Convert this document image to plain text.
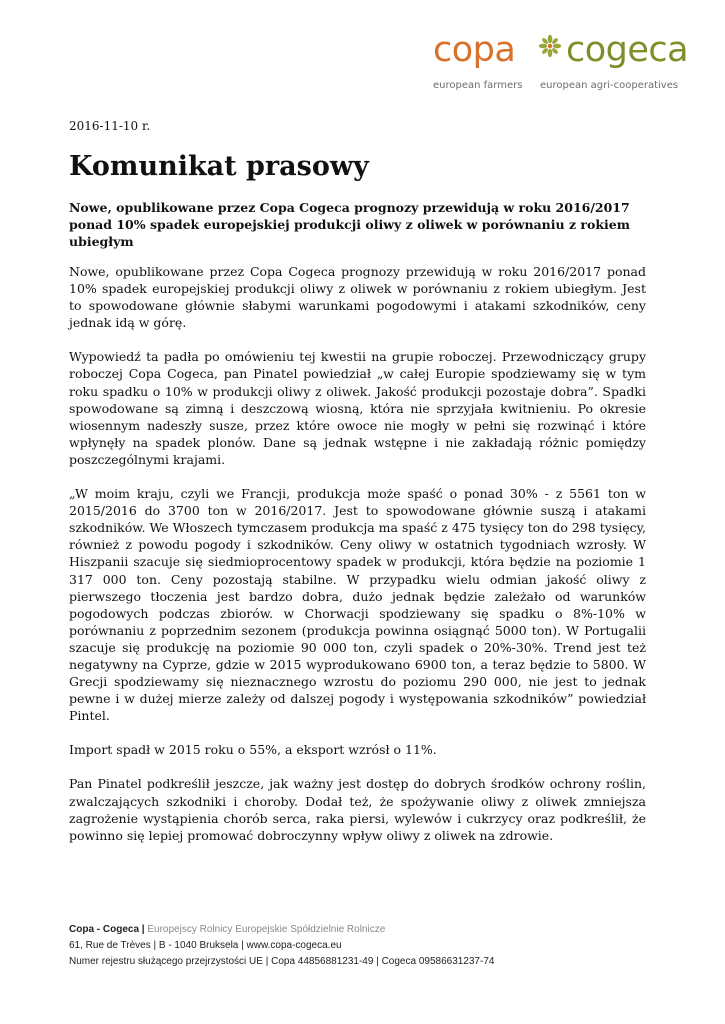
copa cogeca
european farmers european agri-cooperatives
2016-11-10 r.
Komunikat prasowy

Nowe, opublikowane przez Copa Cogeca prognozy przewidują w roku 2016/2017 ponad 10% spadek europejskiej produkcji oliwy z oliwek w porównaniu z rokiem ubiegłym

Nowe, opublikowane przez Copa Cogeca prognozy przewidują w roku 2016/2017 ponad 10% spadek europejskiej produkcji oliwy z oliwek w porównaniu z rokiem ubiegłym. Jest to spowodowane głównie słabymi warunkami pogodowymi i atakami szkodników, ceny jednak idą w górę.

Wypowiedź ta padła po omówieniu tej kwestii na grupie roboczej. Przewodniczący grupy roboczej Copa Cogeca, pan Pinatel powiedział „w całej Europie spodziewamy się w tym roku spadku o 10% w produkcji oliwy z oliwek. Jakość produkcji pozostaje dobra”. Spadki spowodowane są zimną i deszczową wiosną, która nie sprzyjała kwitnieniu. Po okresie wiosennym nadeszły susze, przez które owoce nie mogły w pełni się rozwinąć i które wpłynęły na spadek plonów. Dane są jednak wstępne i nie zakładają różnic pomiędzy poszczególnymi krajami.

„W moim kraju, czyli we Francji, produkcja może spaść o ponad 30% - z 5561 ton w 2015/2016 do 3700 ton w 2016/2017. Jest to spowodowane głównie suszą i atakami szkodników. We Włoszech tymczasem produkcja ma spaść z 475 tysięcy ton do 298 tysięcy, również z powodu pogody i szkodników. Ceny oliwy w ostatnich tygodniach wzrosły. W Hiszpanii szacuje się siedmioprocentowy spadek w produkcji, która będzie na poziomie 1 317 000 ton. Ceny pozostają stabilne. W przypadku wielu odmian jakość oliwy z pierwszego tłoczenia jest bardzo dobra, dużo jednak będzie zależało od warunków pogodowych podczas zbiorów. w Chorwacji spodziewany się spadku o 8%-10% w porównaniu z poprzednim sezonem (produkcja powinna osiągnąć 5000 ton). W Portugalii szacuje się produkcję na poziomie 90 000 ton, czyli spadek o 20%-30%. Trend jest też negatywny na Cyprze, gdzie w 2015 wyprodukowano 6900 ton, a teraz będzie to 5800. W Grecji spodziewamy się nieznacznego wzrostu do poziomu 290 000, nie jest to jednak pewne i w dużej mierze zależy od dalszej pogody i występowania szkodników” powiedział Pintel.

Import spadł w 2015 roku o 55%, a eksport wzrósł o 11%.

Pan Pinatel podkreślił jeszcze, jak ważny jest dostęp do dobrych środków ochrony roślin, zwalczających szkodniki i choroby. Dodał też, że spożywanie oliwy z oliwek zmniejsza zagrożenie wystąpienia chorób serca, raka piersi, wylewów i cukrzycy oraz podkreślił, że powinno się lepiej promować dobroczynny wpływ oliwy z oliwek na zdrowie.

Copa - Cogeca | Europejscy Rolnicy Europejskie Spółdzielnie Rolnicze
61, Rue de Trèves | B - 1040 Bruksela | www.copa-cogeca.eu
Numer rejestru służącego przejrzystości UE | Copa 44856881231-49 | Cogeca 09586631237-74
